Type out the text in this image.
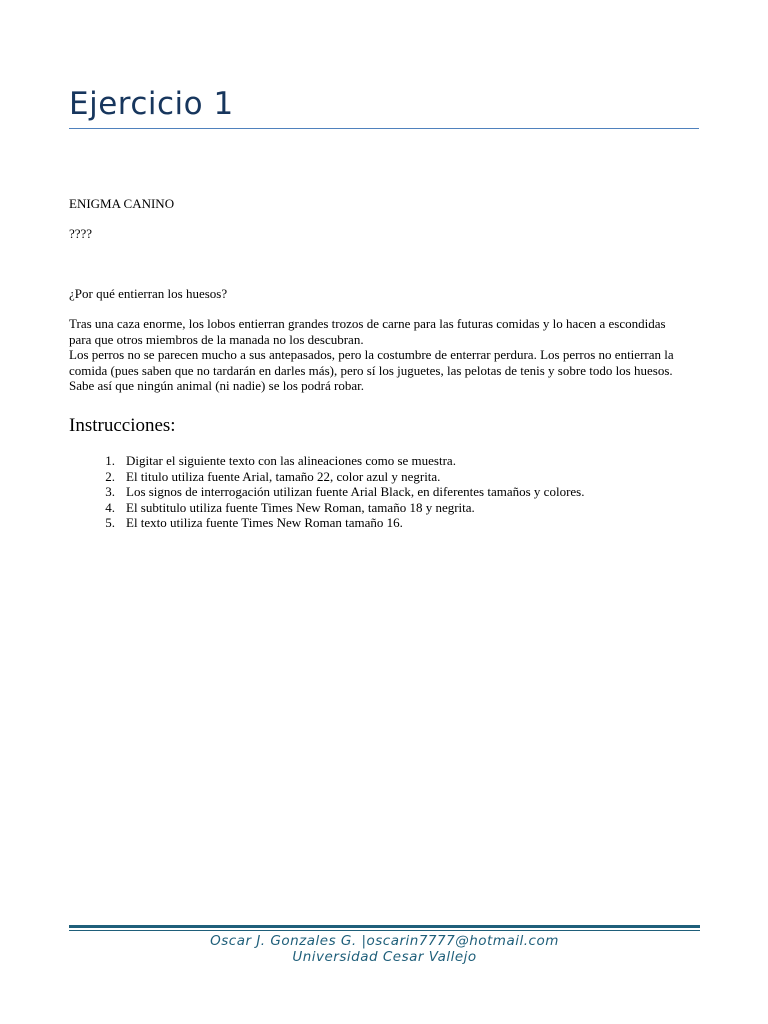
Ejercicio 1

ENIGMA CANINO

????

¿Por qué entierran los huesos?

Tras una caza enorme, los lobos entierran grandes trozos de carne para las futuras comidas y lo hacen a escondidas para que otros miembros de la manada no los descubran.

Los perros no se parecen mucho a sus antepasados, pero la costumbre de enterrar perdura. Los perros no entierran la comida (pues saben que no tardarán en darles más), pero sí los juguetes, las pelotas de tenis y sobre todo los huesos. Sabe así que ningún animal (ni nadie) se los podrá robar.

Instrucciones:
1. Digitar el siguiente texto con las alineaciones como se muestra.
2. El titulo utiliza fuente Arial, tamaño 22, color azul y negrita.
3. Los signos de interrogación utilizan fuente Arial Black, en diferentes tamaños y colores.
4. El subtitulo utiliza fuente Times New Roman, tamaño 18 y negrita.
5. El texto utiliza fuente Times New Roman tamaño 16.
Oscar J. Gonzales G. |oscarin7777@hotmail.com
Universidad Cesar Vallejo
